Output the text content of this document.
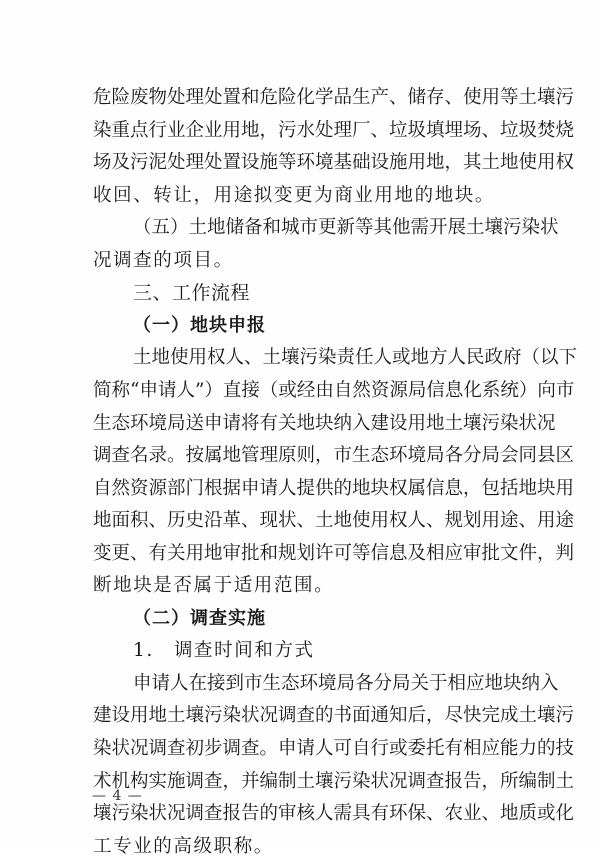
危险废物处理处置和危险化学品生产、储存、使用等土壤污
染重点行业企业用地，污水处理厂、垃圾填埋场、垃圾焚烧
场及污泥处理处置设施等环境基础设施用地，其土地使用权
收回、转让，用途拟变更为商业用地的地块。
（五）土地储备和城市更新等其他需开展土壤污染状
况调查的项目。
三、工作流程
（一）地块申报
土地使用权人、土壤污染责任人或地方人民政府（以下
简称“申请人”）直接（或经由自然资源局信息化系统）向市
生态环境局送申请将有关地块纳入建设用地土壤污染状况
调查名录。按属地管理原则，市生态环境局各分局会同县区
自然资源部门根据申请人提供的地块权属信息，包括地块用
地面积、历史沿革、现状、土地使用权人、规划用途、用途
变更、有关用地审批和规划许可等信息及相应审批文件，判
断地块是否属于适用范围。
（二）调查实施
1.　调查时间和方式
申请人在接到市生态环境局各分局关于相应地块纳入
建设用地土壤污染状况调查的书面通知后，尽快完成土壤污
染状况调查初步调查。申请人可自行或委托有相应能力的技
术机构实施调查，并编制土壤污染状况调查报告，所编制土
壤污染状况调查报告的审核人需具有环保、农业、地质或化
工专业的高级职称。
— 4 —
